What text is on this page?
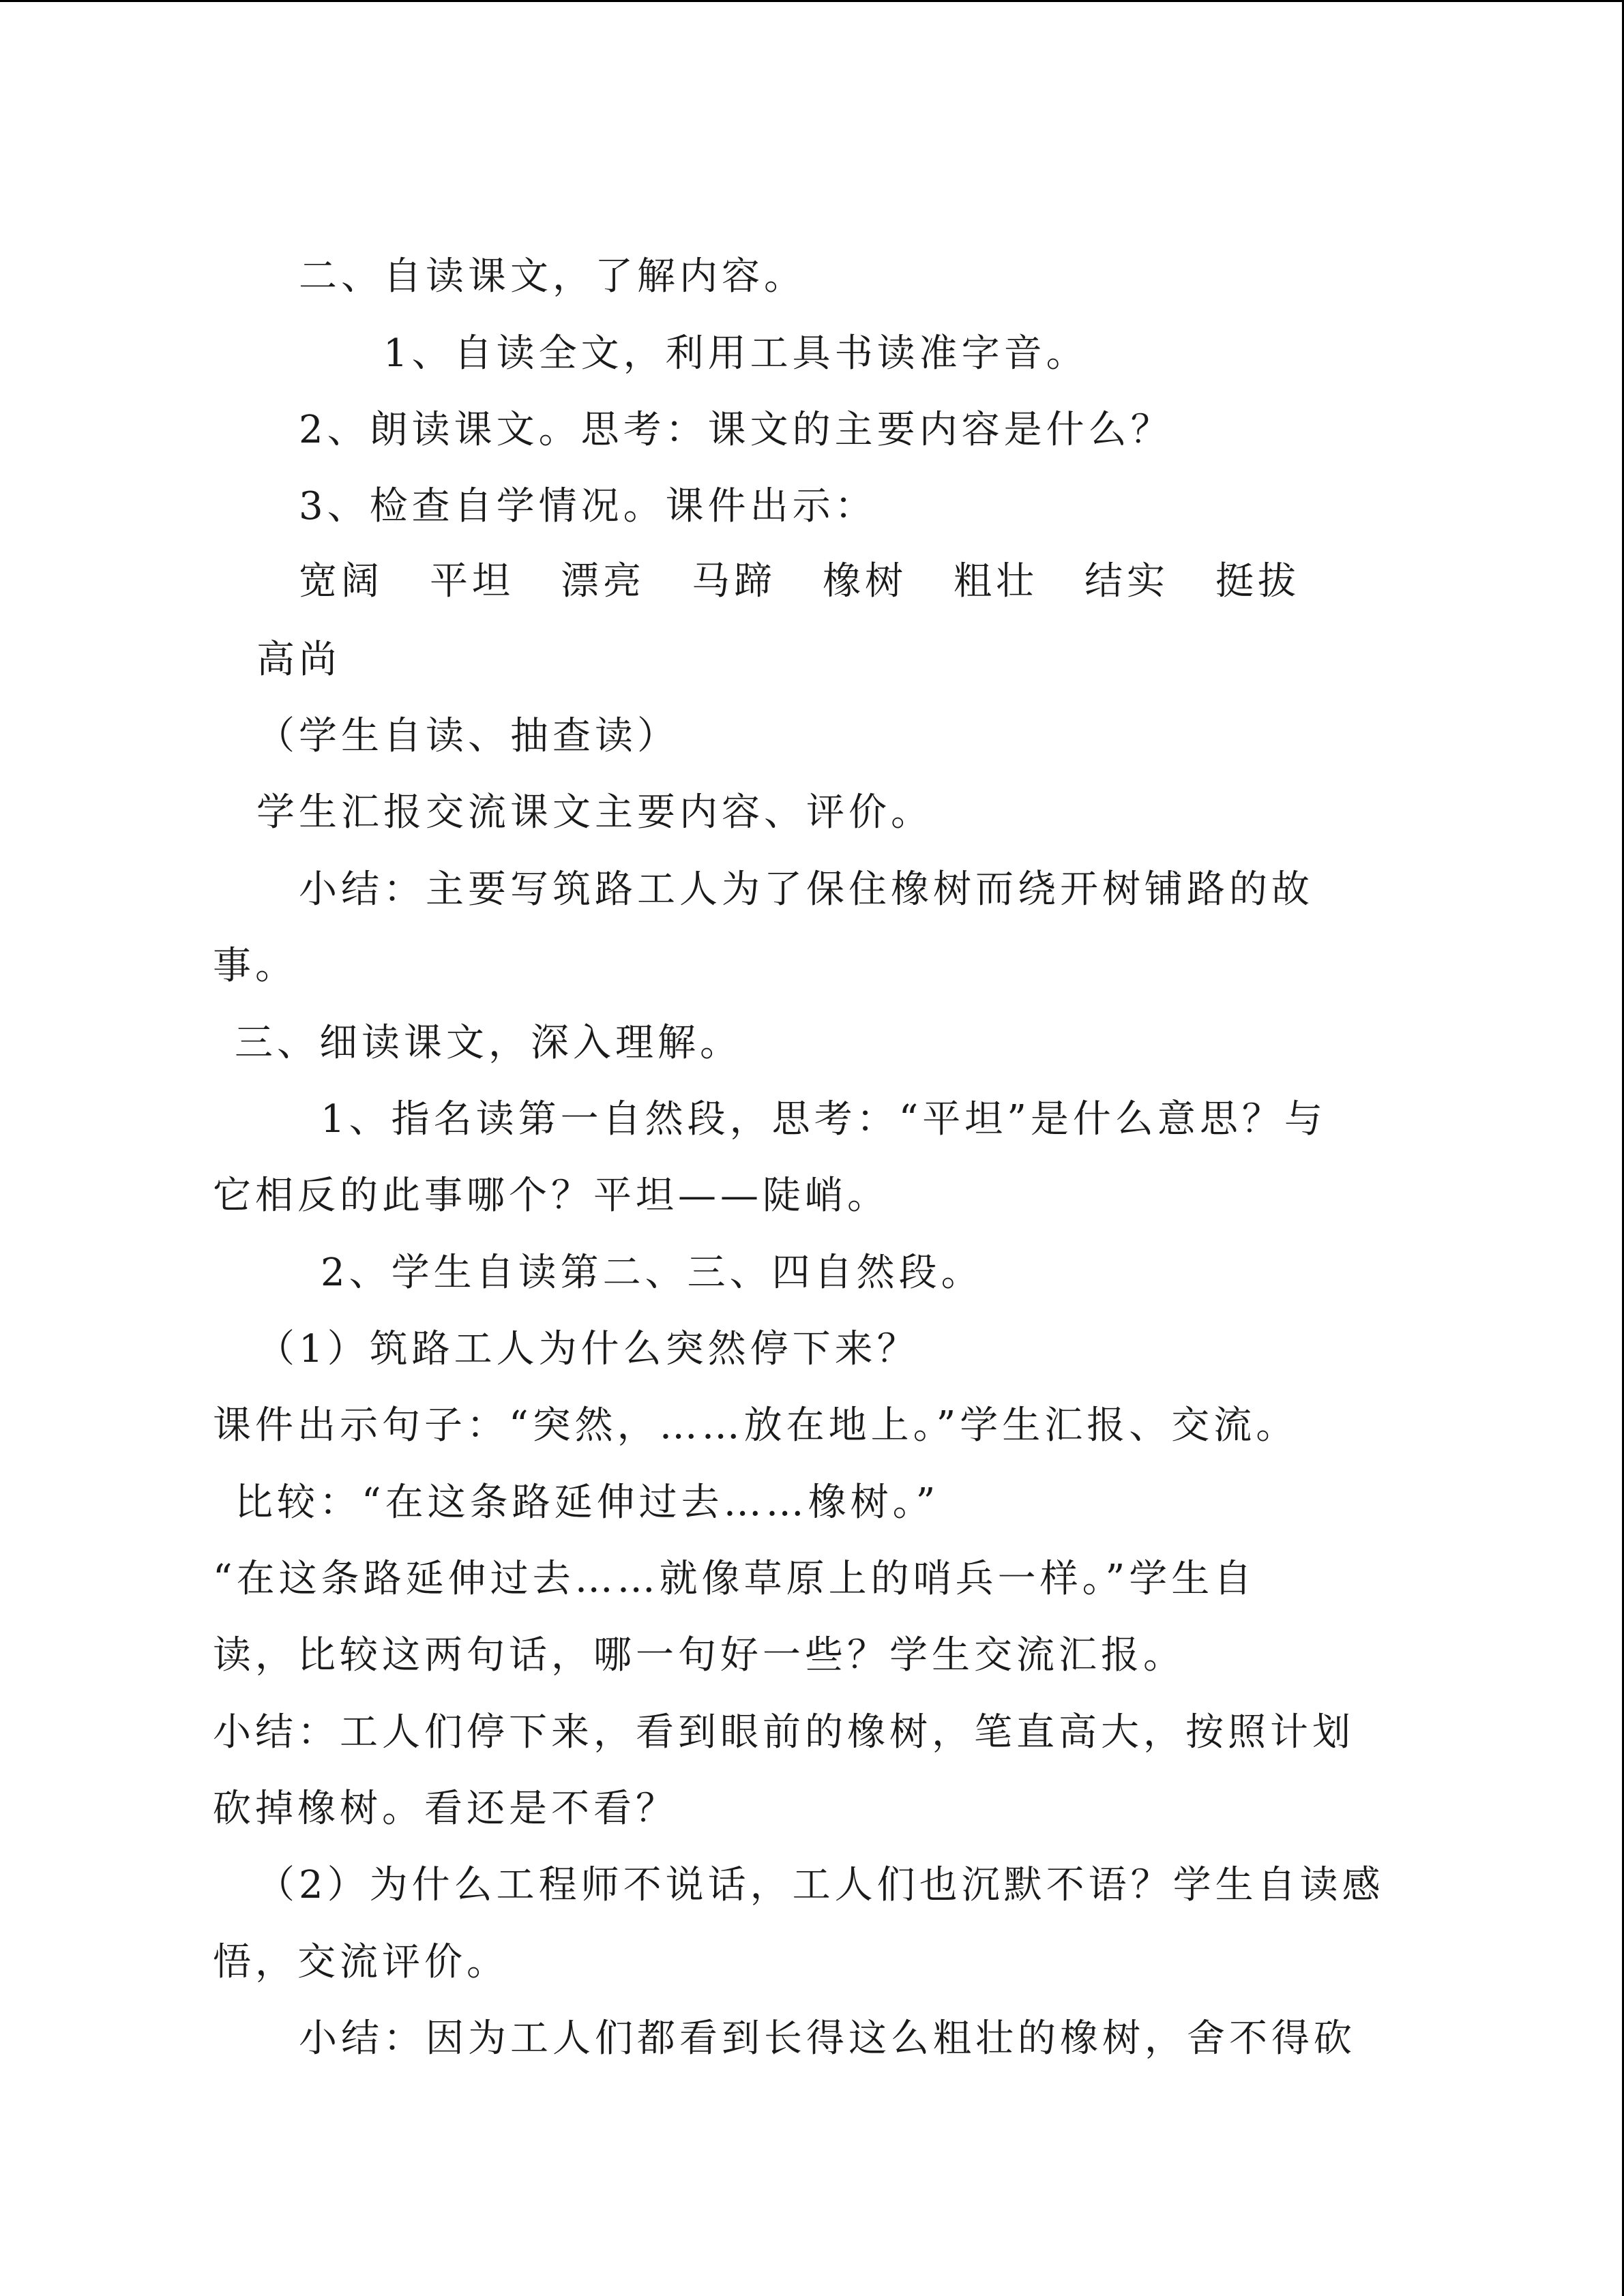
二、自读课文，了解内容。
1、自读全文，利用工具书读准字音。
2、朗读课文。思考：课文的主要内容是什么？
3、检查自学情况。课件出示：
宽阔 平坦 漂亮 马蹄 橡树 粗壮 结实 挺拔
高尚
（学生自读、抽查读）
学生汇报交流课文主要内容、评价。
小结：主要写筑路工人为了保住橡树而绕开树铺路的故
事。
三、细读课文，深入理解。
1、指名读第一自然段，思考：“平坦”是什么意思？与
它相反的此事哪个？平坦——陡峭。
2、学生自读第二、三、四自然段。
（1）筑路工人为什么突然停下来？
课件出示句子：“突然，……放在地上。”学生汇报、交流。
比较：“在这条路延伸过去……橡树。”
“在这条路延伸过去……就像草原上的哨兵一样。”学生自
读，比较这两句话，哪一句好一些？学生交流汇报。
小结：工人们停下来，看到眼前的橡树，笔直高大，按照计划
砍掉橡树。看还是不看？
（2）为什么工程师不说话，工人们也沉默不语？学生自读感
悟，交流评价。
小结：因为工人们都看到长得这么粗壮的橡树，舍不得砍
